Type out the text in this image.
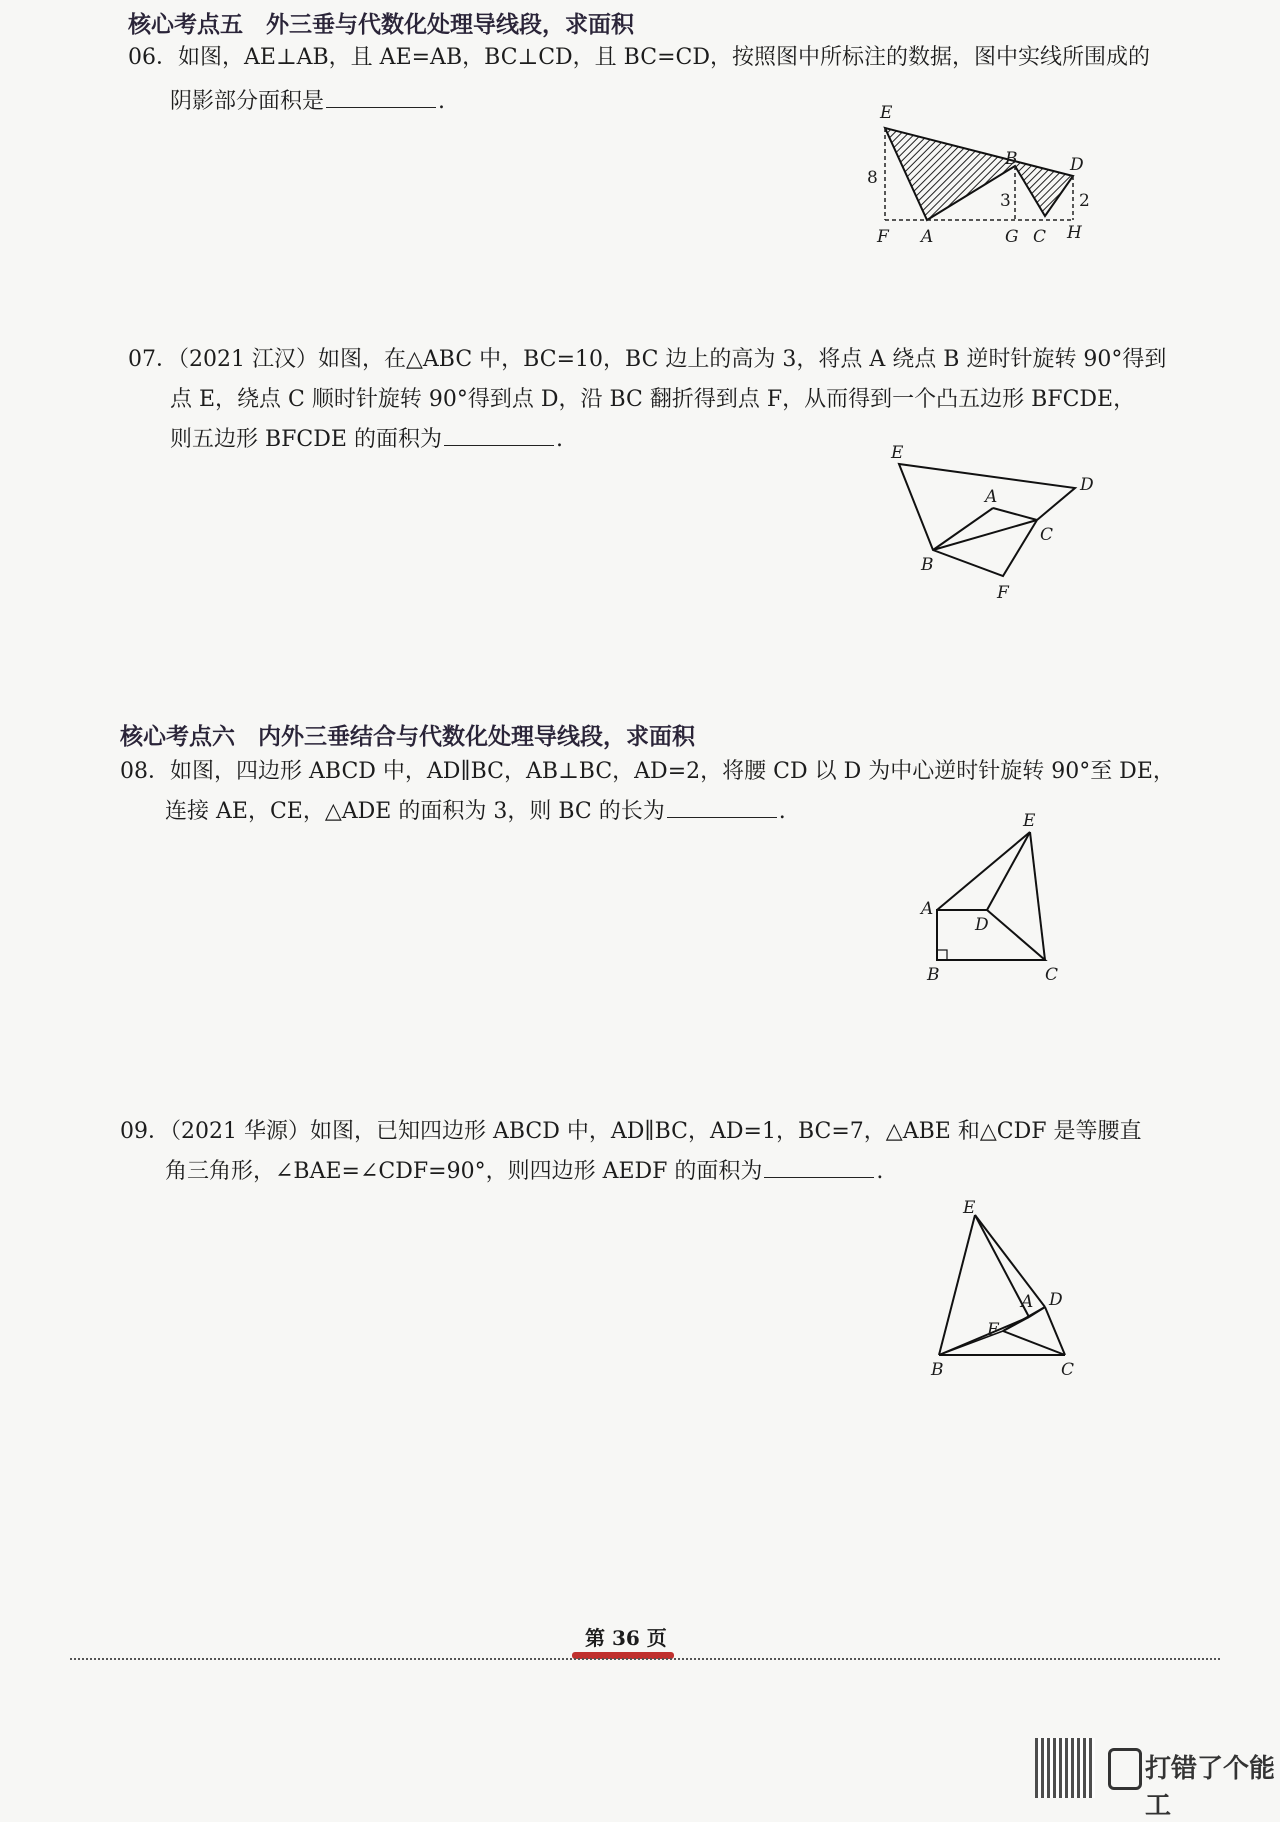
核心考点五　外三垂与代数化处理导线段，求面积
06．如图，AE⊥AB，且 AE=AB，BC⊥CD，且 BC=CD，按照图中所标注的数据，图中实线所围成的
阴影部分面积是	.	E
8
B	D
3	2
F A	G C H
07．（2021 江汉）如图，在△ABC 中，BC=10，BC 边上的高为 3，将点 A 绕点 B 逆时针旋转 90°得到
点 E，绕点 C 顺时针旋转 90°得到点 D，沿 BC 翻折得到点 F，从而得到一个凸五边形 BFCDE，
则五边形 BFCDE 的面积为	.
E
D
A
B
C
F
核心考点六　内外三垂结合与代数化处理导线段，求面积
08．如图，四边形 ABCD 中，AD∥BC，AB⊥BC，AD=2，将腰 CD 以 D 为中心逆时针旋转 90°至 DE，
连接 AE，CE，△ADE 的面积为 3，则 BC 的长为	.	E
A
D
B	C
09．（2021 华源）如图，已知四边形 ABCD 中，AD∥BC，AD=1，BC=7，△ABE 和△CDF 是等腰直
角三角形，∠BAE=∠CDF=90°，则四边形 AEDF 的面积为	.
E
A D
F
B	C
第 36 页
打错了个能工
